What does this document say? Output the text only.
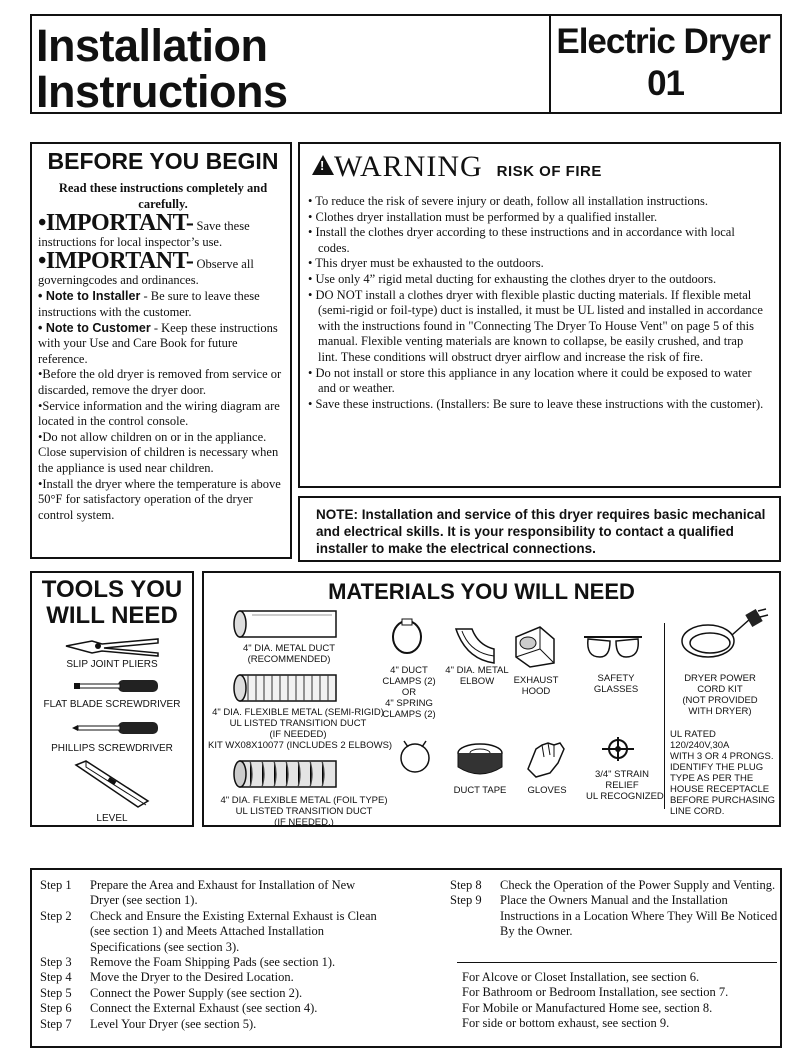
Installation
Instructions
Electric Dryer
01
BEFORE YOU BEGIN
Read these instructions completely and carefully.

•IMPORTANT- Save these instructions for local inspector’s use.

•IMPORTANT- Observe all governingcodes and ordinances.

• Note to Installer - Be sure to leave these instructions with the customer.

• Note to Customer - Keep these instructions with your Use and Care Book for future reference.

•Before the old dryer is removed from service or discarded, remove the dryer door.

•Service information and the wiring diagram are located in the control console.

•Do not allow children on or in the appliance. Close supervision of children is necessary when the appliance is used near children.

•Install the dryer where the temperature is above 50°F for satisfactory operation of the dryer control system.

! WARNING RISK OF FIRE
• To reduce the risk of severe injury or death, follow all installation instructions.
• Clothes dryer installation must be performed by a qualified installer.
• Install the clothes dryer according to these instructions and in accordance with local codes.
• This dryer must be exhausted to the outdoors.
• Use only 4” rigid metal ducting for exhausting the clothes dryer to the outdoors.
• DO NOT install a clothes dryer with flexible plastic ducting materials. If flexible metal (semi-rigid or foil-type) duct is installed, it must be UL listed and installed in accordance with the instructions found in "Connecting The Dryer To House Vent" on page 5 of this manual. Flexible venting materials are known to collapse, be easily crushed, and trap lint. These conditions will obstruct dryer airflow and increase the risk of fire.
• Do not install or store this appliance in any location where it could be exposed to water and or weather.
• Save these instructions. (Installers: Be sure to leave these instructions with the customer).
NOTE: Installation and service of this dryer requires basic mechanical and electrical skills. It is your responsibility to contact a qualified installer to make the electrical connections.
TOOLS YOU
WILL NEED
SLIP JOINT PLIERS
FLAT BLADE SCREWDRIVER
PHILLIPS SCREWDRIVER
LEVEL
MATERIALS YOU WILL NEED
4" DIA. METAL DUCT
(RECOMMENDED)
4" DIA. FLEXIBLE METAL (SEMI-RIGID)
UL LISTED TRANSITION DUCT
(IF NEEDED)
KIT WX08X10077 (INCLUDES 2 ELBOWS)
4" DIA. FLEXIBLE METAL (FOIL TYPE)
UL LISTED TRANSITION DUCT
(IF NEEDED.)
4" DUCT
CLAMPS (2)
OR
4" SPRING
CLAMPS (2)
4" DIA. METAL
ELBOW	EXHAUST
HOOD
SAFETY
GLASSES
DUCT TAPE	GLOVES
3/4" STRAIN
RELIEF
UL RECOGNIZED
DRYER POWER
CORD KIT
(NOT PROVIDED
WITH DRYER)
UL RATED
120/240V,30A
WITH 3 OR 4 PRONGS.
IDENTIFY THE PLUG
TYPE AS PER THE
HOUSE RECEPTACLE
BEFORE PURCHASING
LINE CORD.
Step 1	Prepare the Area and Exhaust for Installation of New Dryer (see section 1).
Step 2	Check and Ensure the Existing External Exhaust is Clean (see section 1) and Meets Attached Installation Specifications (see section 3).
Step 3	Remove the Foam Shipping Pads (see section 1).
Step 4	Move the Dryer to the Desired Location.
Step 5	Connect the Power Supply (see section 2).
Step 6	Connect the External Exhaust (see section 4).
Step 7	Level Your Dryer (see section 5).
Step 8	Check the Operation of the Power Supply and Venting.
Step 9	Place the Owners Manual and the Installation Instructions in a Location Where They Will Be Noticed By the Owner.
For Alcove or Closet Installation, see section 6.
For Bathroom or Bedroom Installation, see section 7.
For Mobile or Manufactured Home see, section 8.
For side or bottom exhaust, see section 9.
